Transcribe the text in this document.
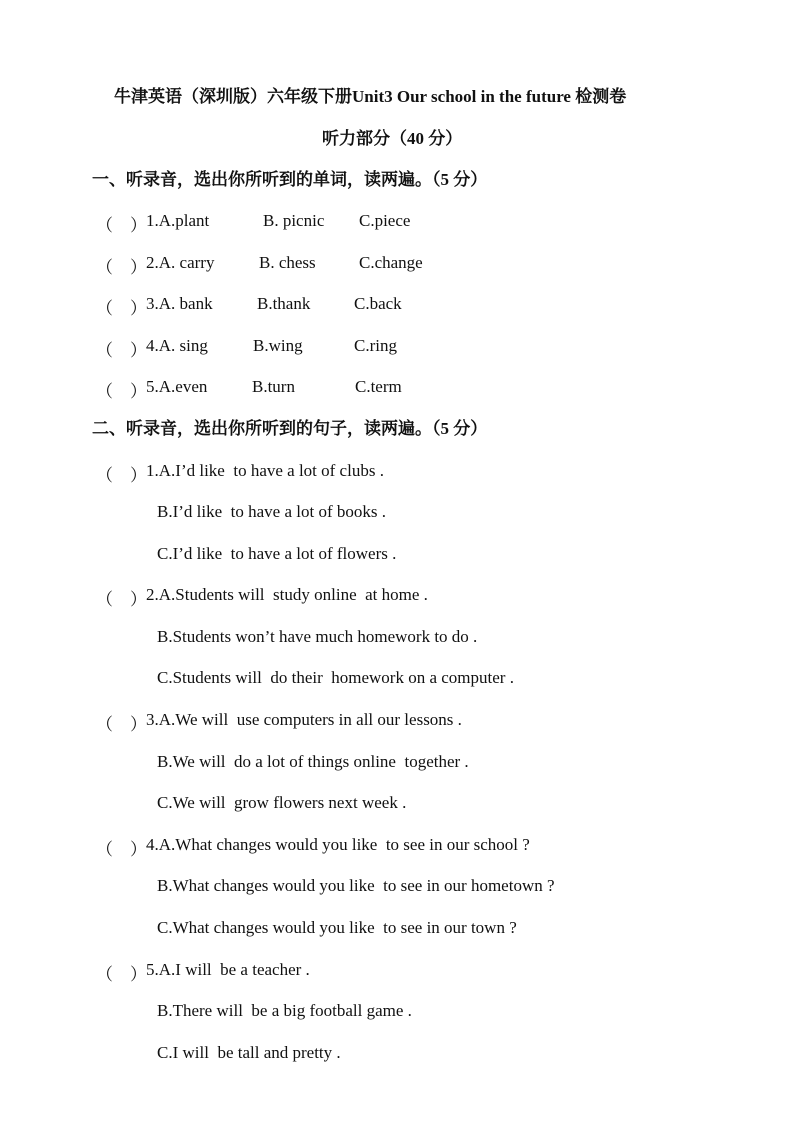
牛津英语（深圳版）六年级下册Unit3 Our school in the future 检测卷
听力部分（40 分）
一、听录音，选出你所听到的单词，读两遍。（5 分）
（    ） 1.A.plant	B. picnic C.piece
（    ） 2.A. carry	B. chess	C.change
（    ） 3.A. bank	B.thank	C.back
（    ） 4.A. sing	B.wing	C.ring
（    ） 5.A.even	B.turn	C.term
二、听录音，选出你所听到的句子，读两遍。（5 分）
（    ） 1.A.I’d like  to have a lot of clubs .
B.I’d like  to have a lot of books .
C.I’d like  to have a lot of flowers .
（    ） 2.A.Students will  study online  at home .
B.Students won’t have much homework to do .
C.Students will  do their  homework on a computer .
（    ） 3.A.We will  use computers in all our lessons .
B.We will  do a lot of things online  together .
C.We will  grow flowers next week .
（    ） 4.A.What changes would you like  to see in our school ?
B.What changes would you like  to see in our hometown ?
C.What changes would you like  to see in our town ?
（    ） 5.A.I will  be a teacher .
B.There will  be a big football game .
C.I will  be tall and pretty .
